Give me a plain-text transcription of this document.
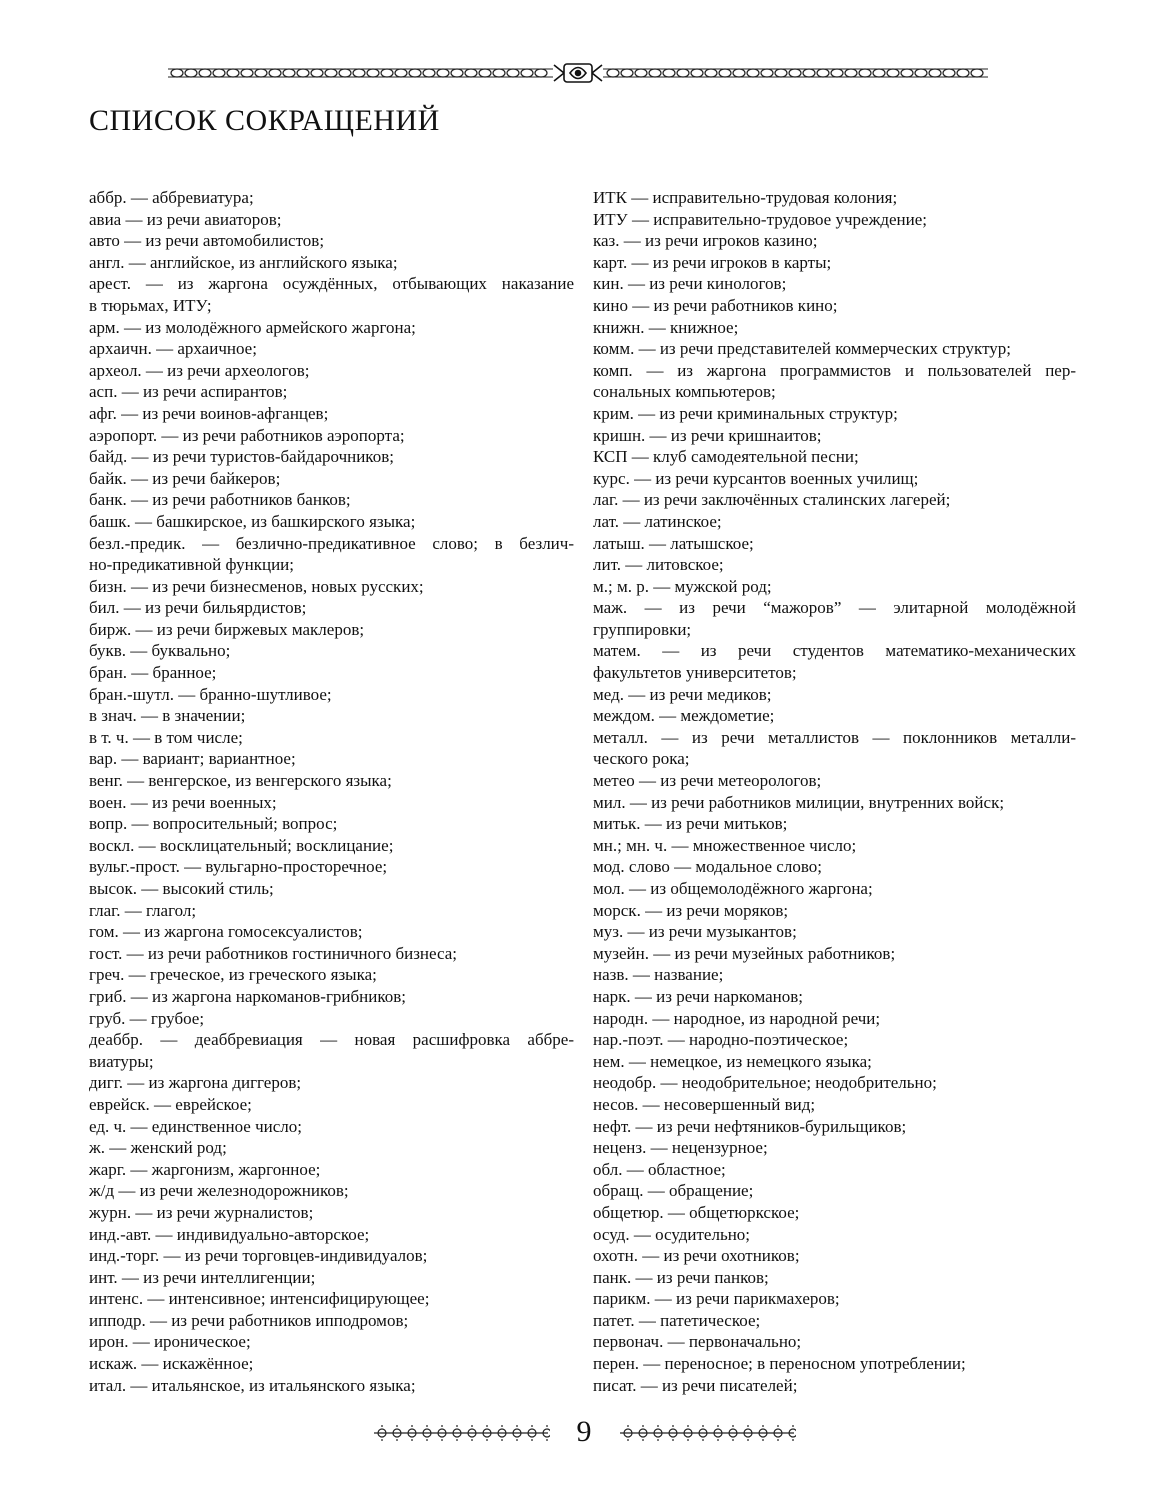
СПИСОК СОКРАЩЕНИЙ
аббр. — аббревиатура;
авиа — из речи авиаторов;
авто — из речи автомобилистов;
англ. — английское, из английского языка;
арест. — из жаргона осуждённых, отбывающих наказание
в тюрьмах, ИТУ;
арм. — из молодёжного армейского жаргона;
архаичн. — архаичное;
археол. — из речи археологов;
асп. — из речи аспирантов;
афг. — из речи воинов-афганцев;
аэропорт. — из речи работников аэропорта;
байд. — из речи туристов-байдарочников;
байк. — из речи байкеров;
банк. — из речи работников банков;
башк. — башкирское, из башкирского языка;
безл.-предик. — безлично-предикативное слово; в безлич-
но-предикативной функции;
бизн. — из речи бизнесменов, новых русских;
бил. — из речи бильярдистов;
бирж. — из речи биржевых маклеров;
букв. — буквально;
бран. — бранное;
бран.-шутл. — бранно-шутливое;
в знач. — в значении;
в т. ч. — в том числе;
вар. — вариант; вариантное;
венг. — венгерское, из венгерского языка;
воен. — из речи военных;
вопр. — вопросительный; вопрос;
воскл. — восклицательный; восклицание;
вульг.-прост. — вульгарно-просторечное;
высок. — высокий стиль;
глаг. — глагол;
гом. — из жаргона гомосексуалистов;
гост. — из речи работников гостиничного бизнеса;
греч. — греческое, из греческого языка;
гриб. — из жаргона наркоманов-грибников;
груб. — грубое;
деаббр. — деаббревиация — новая расшифровка аббре-
виатуры;
дигг. — из жаргона диггеров;
еврейск. — еврейское;
ед. ч. — единственное число;
ж. — женский род;
жарг. — жаргонизм, жаргонное;
ж/д — из речи железнодорожников;
журн. — из речи журналистов;
инд.-авт. — индивидуально-авторское;
инд.-торг. — из речи торговцев-индивидуалов;
инт. — из речи интеллигенции;
интенс. — интенсивное; интенсифицирующее;
ипподр. — из речи работников ипподромов;
ирон. — ироническое;
искаж. — искажённое;
итал. — итальянское, из итальянского языка;
ИТК — исправительно-трудовая колония;
ИТУ — исправительно-трудовое учреждение;
каз. — из речи игроков казино;
карт. — из речи игроков в карты;
кин. — из речи кинологов;
кино — из речи работников кино;
книжн. — книжное;
комм. — из речи представителей коммерческих структур;
комп. — из жаргона программистов и пользователей пер-
сональных компьютеров;
крим. — из речи криминальных структур;
кришн. — из речи кришнаитов;
КСП — клуб самодеятельной песни;
курс. — из речи курсантов военных училищ;
лаг. — из речи заключённых сталинских лагерей;
лат. — латинское;
латыш. — латышское;
лит. — литовское;
м.; м. р. — мужской род;
маж. — из речи “мажоров” — элитарной молодёжной
группировки;
матем. — из речи студентов математико-механических
факультетов университетов;
мед. — из речи медиков;
междом. — междометие;
металл. — из речи металлистов — поклонников металли-
ческого рока;
метео — из речи метеорологов;
мил. — из речи работников милиции, внутренних войск;
митьк. — из речи митьков;
мн.; мн. ч. — множественное число;
мод. слово — модальное слово;
мол. — из общемолодёжного жаргона;
морск. — из речи моряков;
муз. — из речи музыкантов;
музейн. — из речи музейных работников;
назв. — название;
нарк. — из речи наркоманов;
народн. — народное, из народной речи;
нар.-поэт. — народно-поэтическое;
нем. — немецкое, из немецкого языка;
неодобр. — неодобрительное; неодобрительно;
несов. — несовершенный вид;
нефт. — из речи нефтяников-бурильщиков;
неценз. — нецензурное;
обл. — областное;
обращ. — обращение;
общетюр. — общетюркское;
осуд. — осудительно;
охотн. — из речи охотников;
панк. — из речи панков;
парикм. — из речи парикмахеров;
патет. — патетическое;
первонач. — первоначально;
перен. — переносное; в переносном употреблении;
писат. — из речи писателей;
9
